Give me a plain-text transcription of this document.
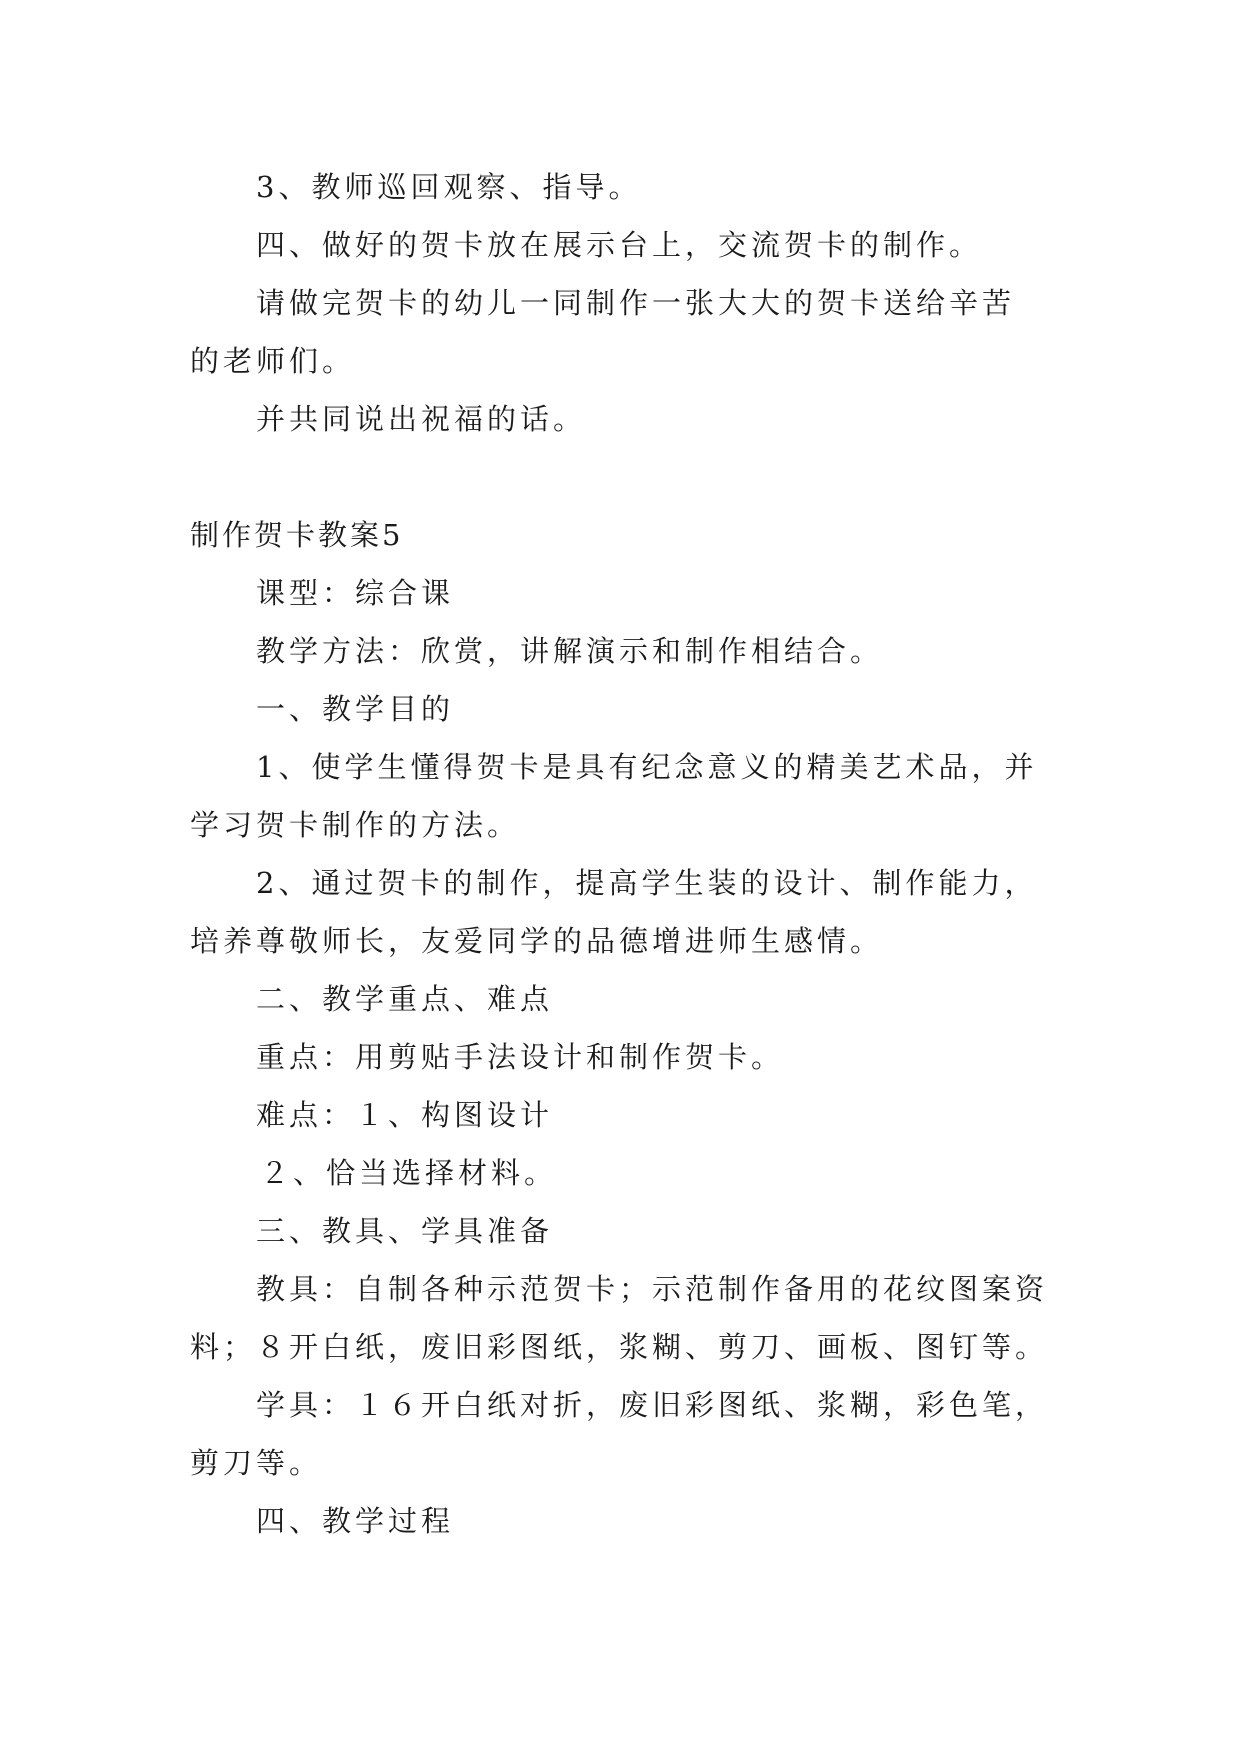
3、教师巡回观察、指导。
四、做好的贺卡放在展示台上，交流贺卡的制作。
请做完贺卡的幼儿一同制作一张大大的贺卡送给辛苦
的老师们。
并共同说出祝福的话。
制作贺卡教案5
课型：综合课
教学方法：欣赏，讲解演示和制作相结合。
一、教学目的
1、使学生懂得贺卡是具有纪念意义的精美艺术品，并
学习贺卡制作的方法。
2、通过贺卡的制作，提高学生装的设计、制作能力，
培养尊敬师长，友爱同学的品德增进师生感情。
二、教学重点、难点
重点：用剪贴手法设计和制作贺卡。
难点：１、构图设计
２、恰当选择材料。
三、教具、学具准备
教具：自制各种示范贺卡；示范制作备用的花纹图案资
料；８开白纸，废旧彩图纸，浆糊、剪刀、画板、图钉等。
学具：１６开白纸对折，废旧彩图纸、浆糊，彩色笔，
剪刀等。
四、教学过程
